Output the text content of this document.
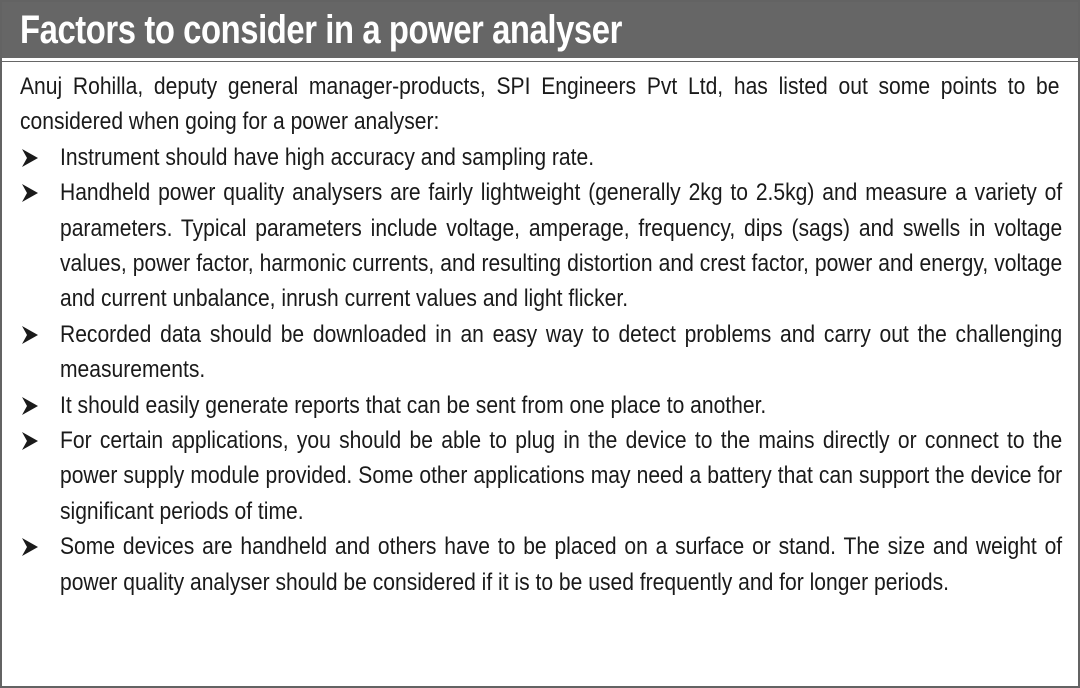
Factors to consider in a power analyser

Anuj Rohilla, deputy general manager-products, SPI Engineers Pvt Ltd, has listed out some points to be considered when going for a power analyser:

Instrument should have high accuracy and sampling rate.
Handheld power quality analysers are fairly lightweight (generally 2kg to 2.5kg) and measure a variety of parameters. Typical parameters include voltage, amperage, frequency, dips (sags) and swells in voltage values, power factor, harmonic currents, and resulting distortion and crest factor, power and energy, voltage and current unbalance, inrush current values and light flicker.
Recorded data should be downloaded in an easy way to detect problems and carry out the challenging measurements.
It should easily generate reports that can be sent from one place to another.
For certain applications, you should be able to plug in the device to the mains directly or connect to the power supply module provided. Some other applications may need a battery that can support the device for significant periods of time.
Some devices are handheld and others have to be placed on a surface or stand. The size and weight of power quality analyser should be considered if it is to be used frequently and for longer periods.
